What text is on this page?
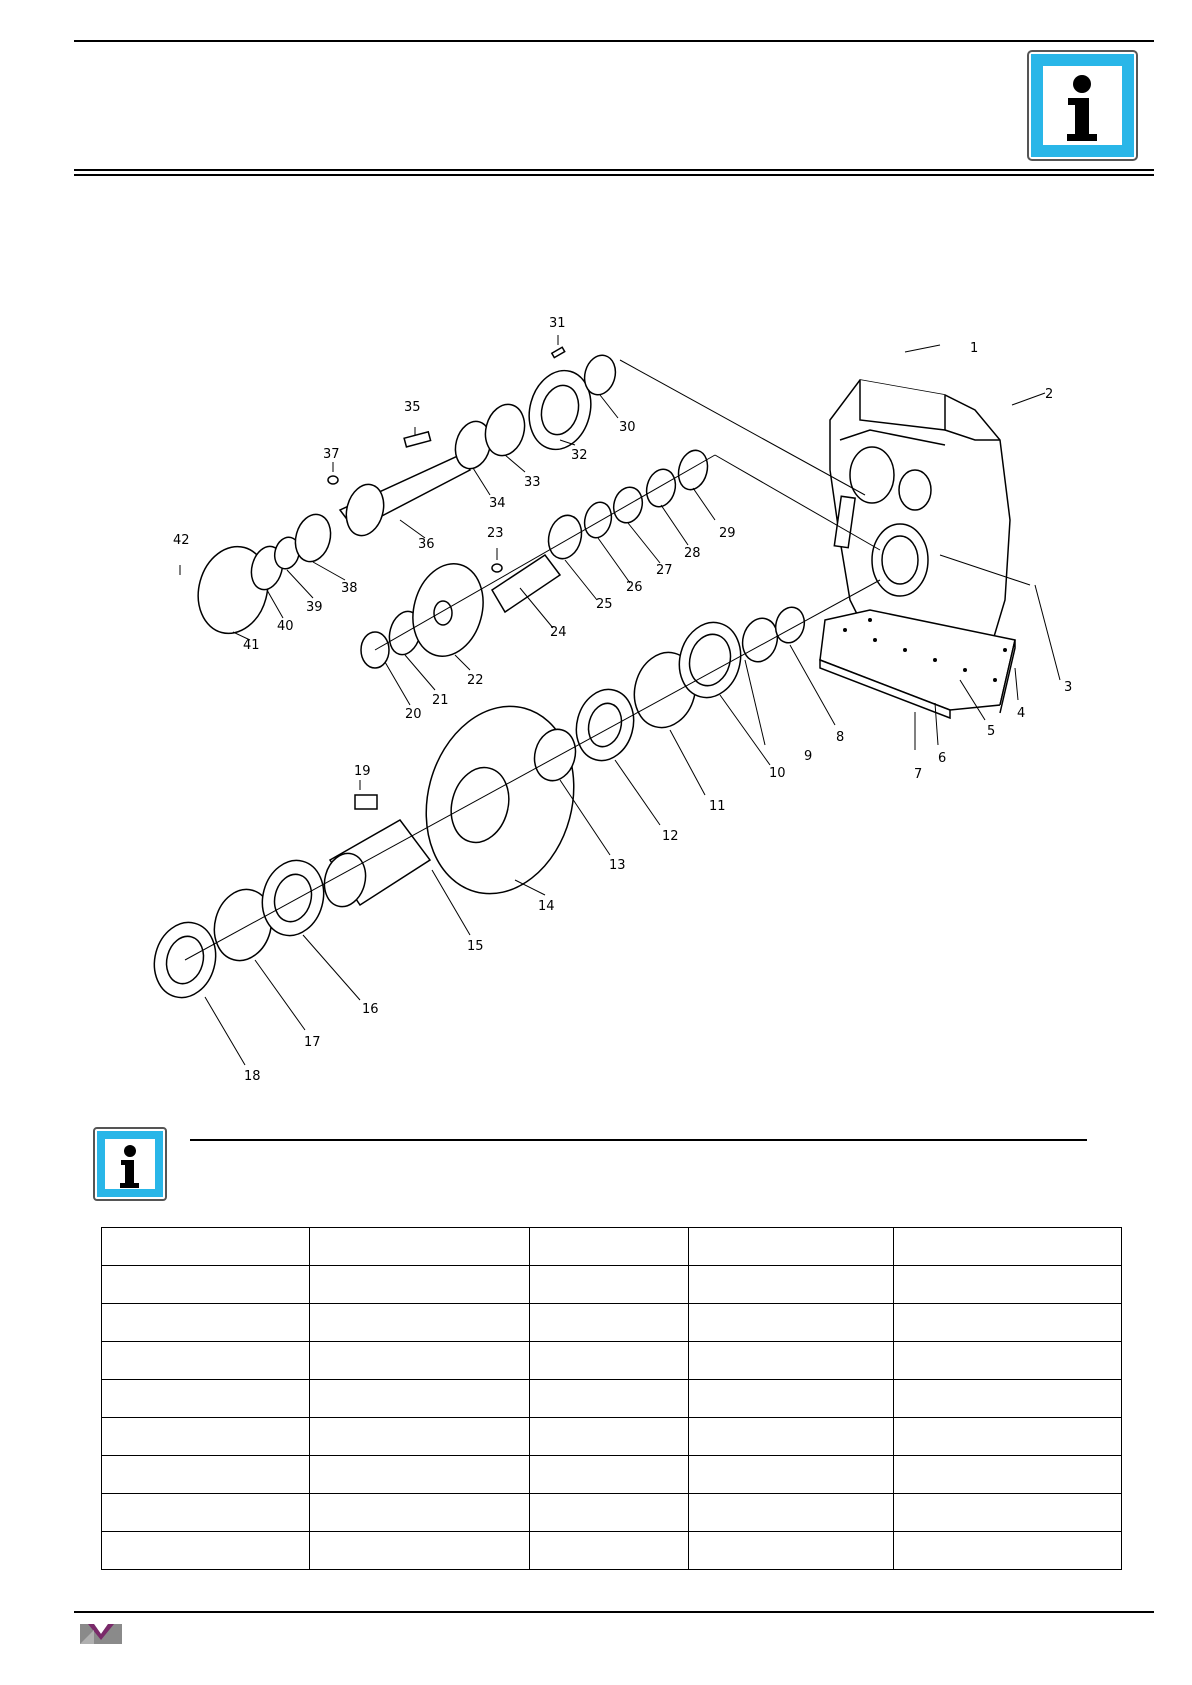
1
2
3
4
5
6
7
8
9
10
11
12
13
14
15
16
17
18
19
20
21
22
23
24
25
26
27
28
29
30
31
32
33
34
35
36
37
38
39
40
41
42
